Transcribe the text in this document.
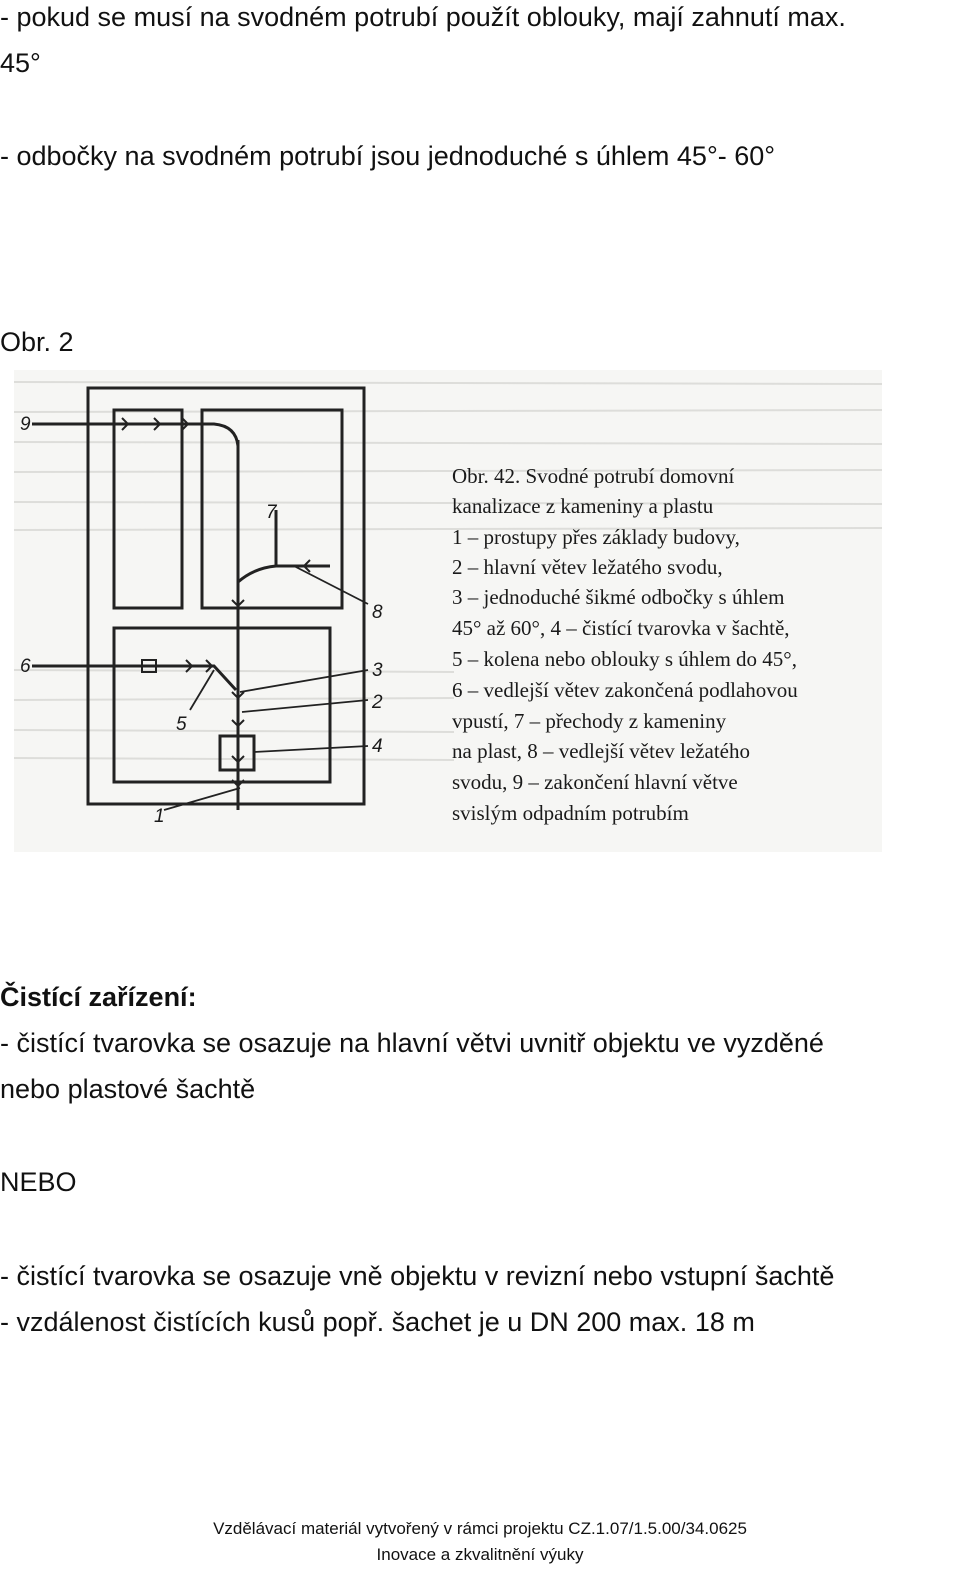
- pokud se musí na svodném potrubí použít oblouky, mají zahnutí max.
45°
- odbočky na svodném potrubí jsou jednoduché s úhlem 45°- 60°
Obr. 2
9
7
8
6	3
2
5
4
1
Obr. 42. Svodné potrubí domovní
kanalizace z kameniny a plastu
1 – prostupy přes základy budovy,
2 – hlavní větev ležatého svodu,
3 – jednoduché šikmé odbočky s úhlem
45° až 60°, 4 – čistící tvarovka v šachtě,
5 – kolena nebo oblouky s úhlem do 45°,
6 – vedlejší větev zakončená podlahovou
vpustí, 7 – přechody z kameniny
na plast, 8 – vedlejší větev ležatého
svodu, 9 – zakončení hlavní větve
svislým odpadním potrubím
Čistící zařízení:
- čistící tvarovka se osazuje na hlavní větvi uvnitř objektu ve vyzděné
nebo plastové šachtě
NEBO
- čistící tvarovka se osazuje vně objektu v revizní nebo vstupní šachtě
- vzdálenost čistících kusů popř. šachet je u DN 200 max. 18 m
Vzdělávací materiál vytvořený v rámci projektu CZ.1.07/1.5.00/34.0625
Inovace a zkvalitnění výuky
